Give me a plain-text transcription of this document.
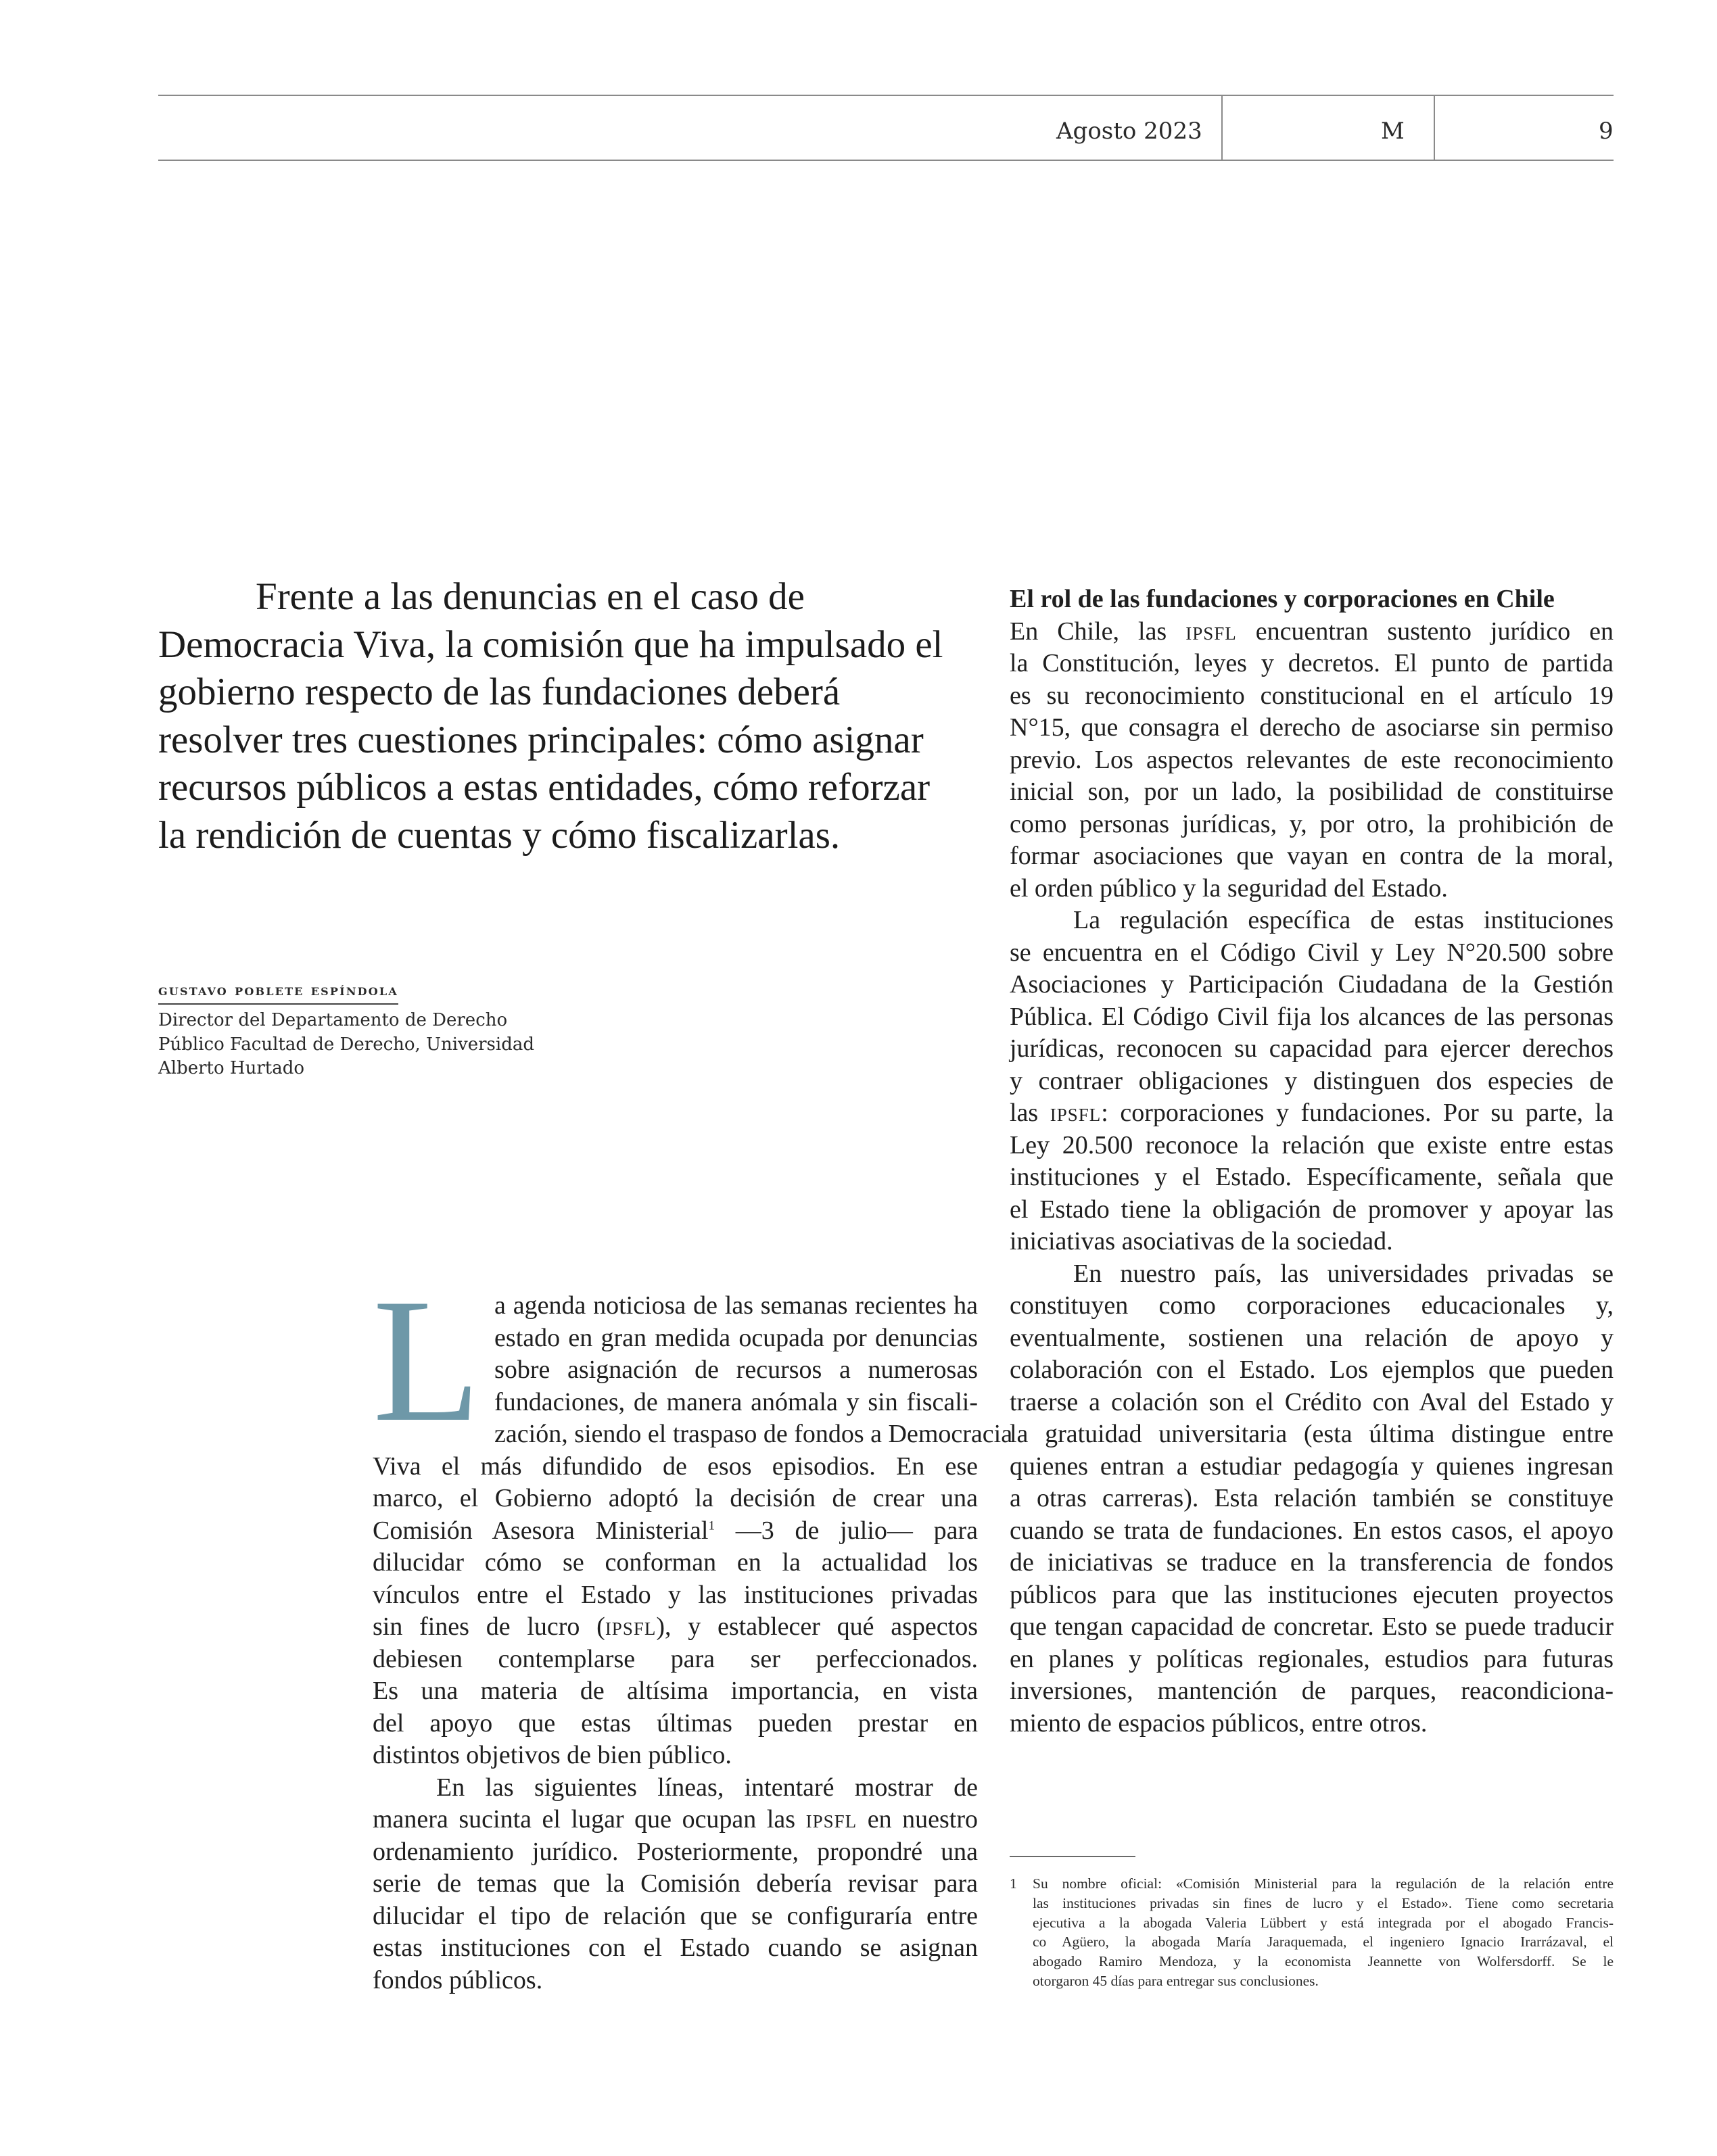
Agosto 2023	M	9

Frente a las denuncias en el caso de Democracia Viva, la comisión que ha impulsado el gobierno respecto de las fundaciones deberá resolver tres cuestiones principales: cómo asignar recursos públicos a estas entidades, cómo reforzar la rendición de cuentas y cómo fiscalizarlas.

gustavo poblete espíndola

Director del Departamento de Derecho
Público Facultad de Derecho, Universidad
Alberto Hurtado

L a agenda noticiosa de las semanas recientes ha
estado en gran medida ocupada por denuncias
sobre asignación de recursos a numerosas
fundaciones, de manera anómala y sin fiscali-
zación, siendo el traspaso de fondos a Democracia
Viva el más difundido de esos episodios. En ese
marco, el Gobierno adoptó la decisión de crear una
Comisión Asesora Ministerial$^1$ —3 de julio— para
dilucidar cómo se conforman en la actualidad los
vínculos entre el Estado y las instituciones privadas
sin fines de lucro (ipsfl), y establecer qué aspectos
debiesen contemplarse para ser perfeccionados.
Es una materia de altísima importancia, en vista
del apoyo que estas últimas pueden prestar en
distintos objetivos de bien público.

En las siguientes líneas, intentaré mostrar de
manera sucinta el lugar que ocupan las ipsfl en nuestro
ordenamiento jurídico. Posteriormente, propondré una
serie de temas que la Comisión debería revisar para
dilucidar el tipo de relación que se configuraría entre
estas instituciones con el Estado cuando se asignan
fondos públicos.

El rol de las fundaciones y corporaciones en Chile

En Chile, las ipsfl encuentran sustento jurídico en
la Constitución, leyes y decretos. El punto de partida
es su reconocimiento constitucional en el artículo 19
N°15, que consagra el derecho de asociarse sin permiso
previo. Los aspectos relevantes de este reconocimiento
inicial son, por un lado, la posibilidad de constituirse
como personas jurídicas, y, por otro, la prohibición de
formar asociaciones que vayan en contra de la moral,
el orden público y la seguridad del Estado.

La regulación específica de estas instituciones
se encuentra en el Código Civil y Ley N°20.500 sobre
Asociaciones y Participación Ciudadana de la Gestión
Pública. El Código Civil fija los alcances de las personas
jurídicas, reconocen su capacidad para ejercer derechos
y contraer obligaciones y distinguen dos especies de
las ipsfl: corporaciones y fundaciones. Por su parte, la
Ley 20.500 reconoce la relación que existe entre estas
instituciones y el Estado. Específicamente, señala que
el Estado tiene la obligación de promover y apoyar las
iniciativas asociativas de la sociedad.

En nuestro país, las universidades privadas se
constituyen como corporaciones educacionales y,
eventualmente, sostienen una relación de apoyo y
colaboración con el Estado. Los ejemplos que pueden
traerse a colación son el Crédito con Aval del Estado y
la gratuidad universitaria (esta última distingue entre
quienes entran a estudiar pedagogía y quienes ingresan
a otras carreras). Esta relación también se constituye
cuando se trata de fundaciones. En estos casos, el apoyo
de iniciativas se traduce en la transferencia de fondos
públicos para que las instituciones ejecuten proyectos
que tengan capacidad de concretar. Esto se puede traducir
en planes y políticas regionales, estudios para futuras
inversiones, mantención de parques, reacondiciona-
miento de espacios públicos, entre otros.

1 Su nombre oficial: «Comisión Ministerial para la regulación de la relación entre
las instituciones privadas sin fines de lucro y el Estado». Tiene como secretaria
ejecutiva a la abogada Valeria Lübbert y está integrada por el abogado Francis-
co Agüero, la abogada María Jaraquemada, el ingeniero Ignacio Irarrázaval, el
abogado Ramiro Mendoza, y la economista Jeannette von Wolfersdorff. Se le
otorgaron 45 días para entregar sus conclusiones.
